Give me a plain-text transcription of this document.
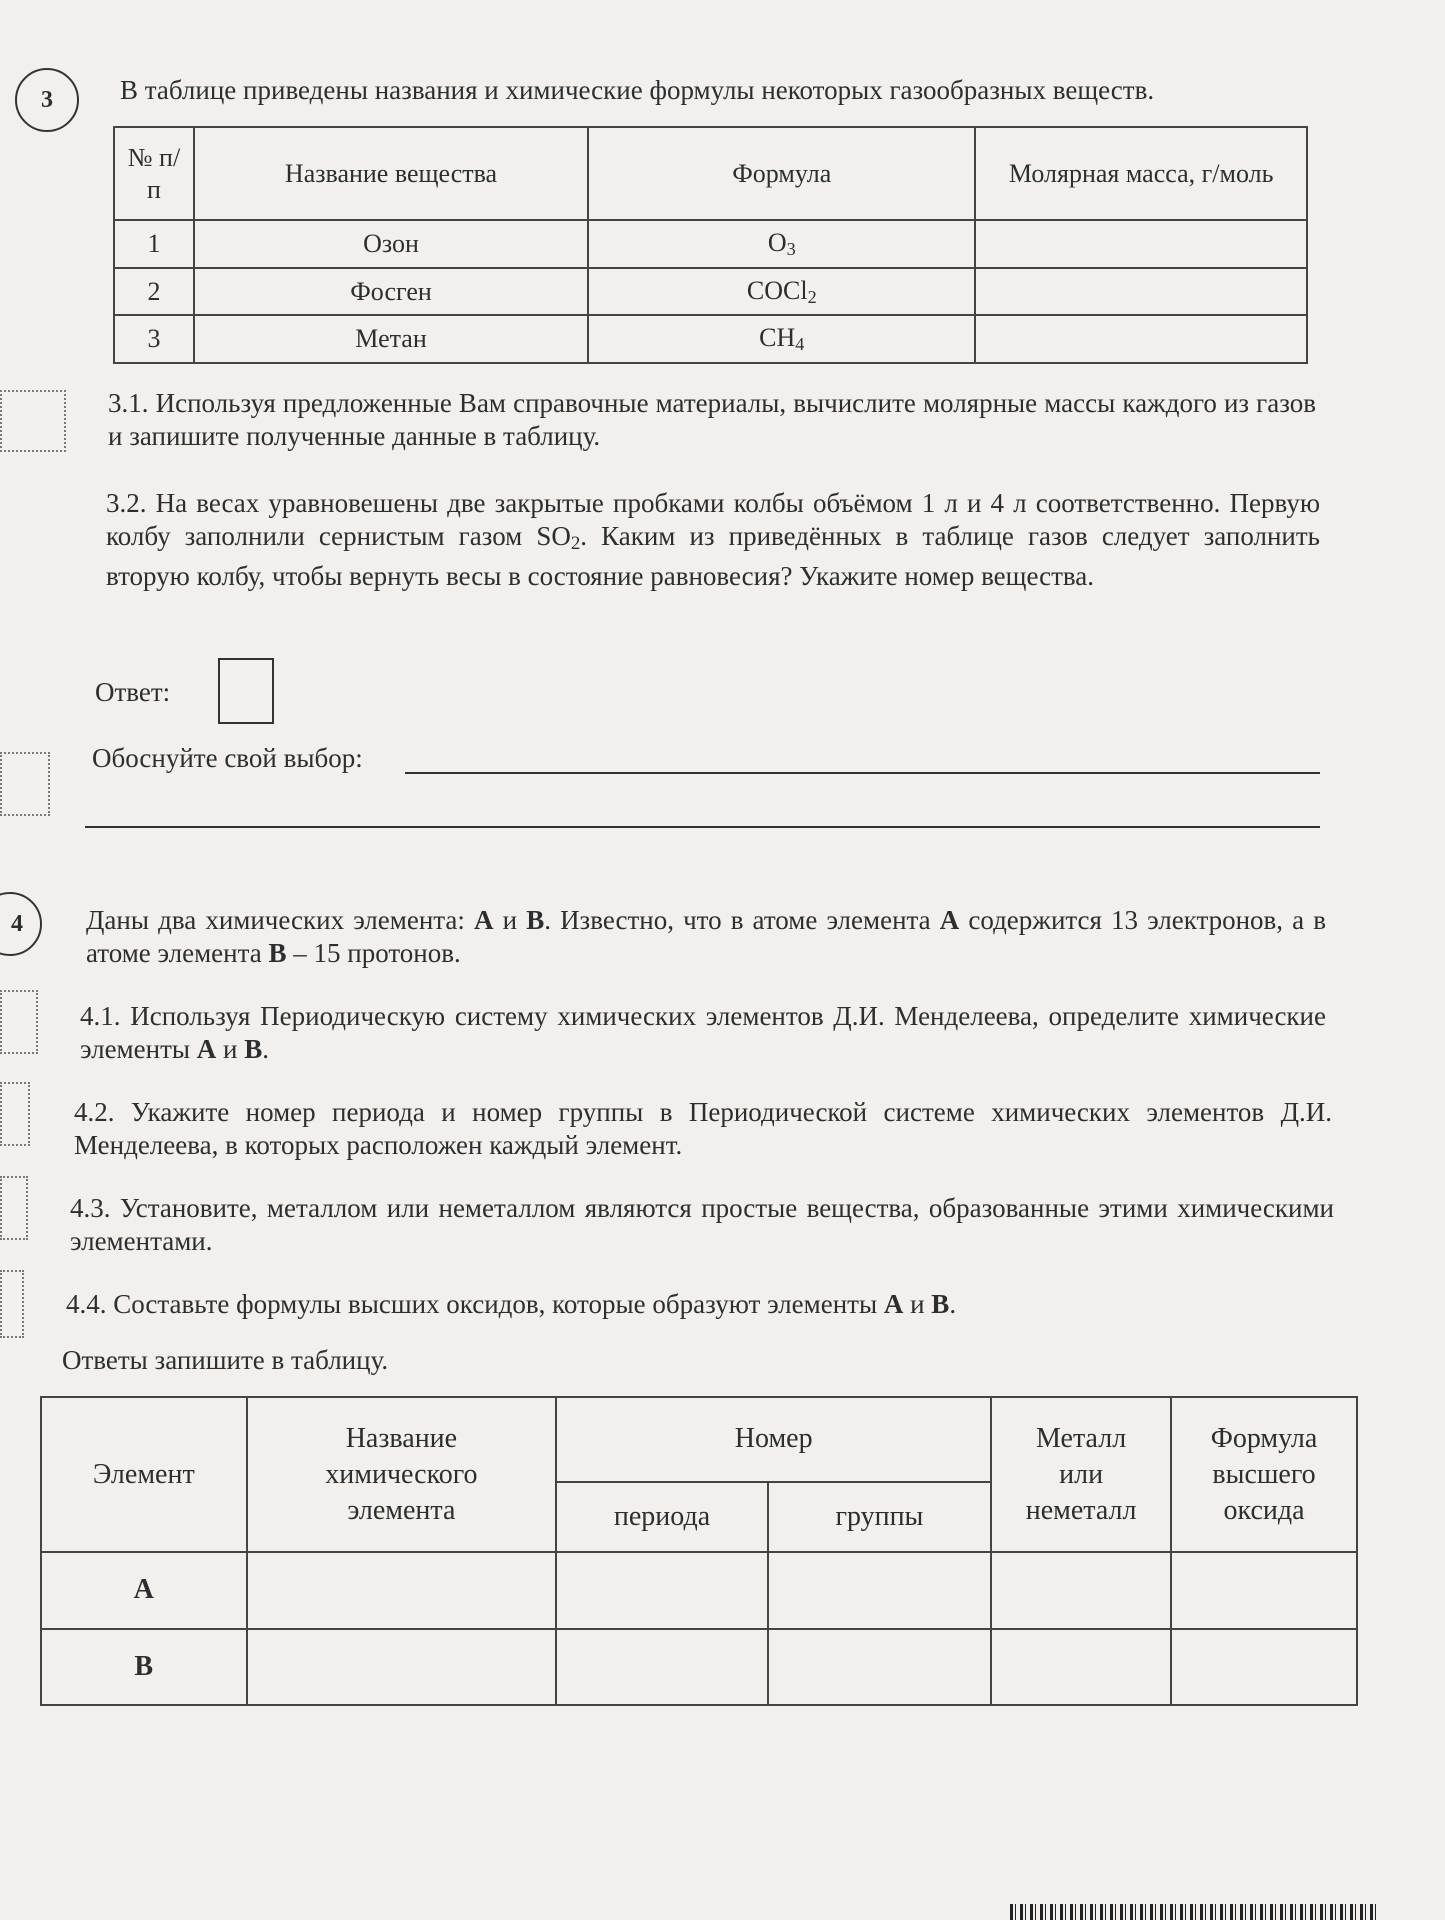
3 В таблице приведены названия и химические формулы некоторых газообразных веществ.
№ п/п	Название вещества	Формула	Молярная масса, г/моль
1	Озон	$O_3$	
2	Фосген	COCl$_2$	
3	Метан	$CH_4$	
3.1. Используя предложенные Вам справочные материалы, вычислите молярные массы каждого из газов и запишите полученные данные в таблицу.
3.2. На весах уравновешены две закрытые пробками колбы объёмом 1 л и 4 л соответственно. Первую колбу заполнили сернистым газом $SO_2$. Каким из приведённых в таблице газов следует заполнить вторую колбу, чтобы вернуть весы в состояние равновесия? Укажите номер вещества.
Ответ:
Обоснуйте свой выбор:
4 Даны два химических элемента: A и B. Известно, что в атоме элемента A содержится 13 электронов, а в атоме элемента B – 15 протонов.
4.1. Используя Периодическую систему химических элементов Д.И. Менделеева, определите химические элементы A и B.
4.2. Укажите номер периода и номер группы в Периодической системе химических элементов Д.И. Менделеева, в которых расположен каждый элемент.
4.3. Установите, металлом или неметаллом являются простые вещества, образованные этими химическими элементами.
4.4. Составьте формулы высших оксидов, которые образуют элементы A и B.
Ответы запишите в таблицу.
Элемент	Название химического элемента	Номер		Металл или неметалл	Формула высшего оксида
		периода	группы		
A					
B					
